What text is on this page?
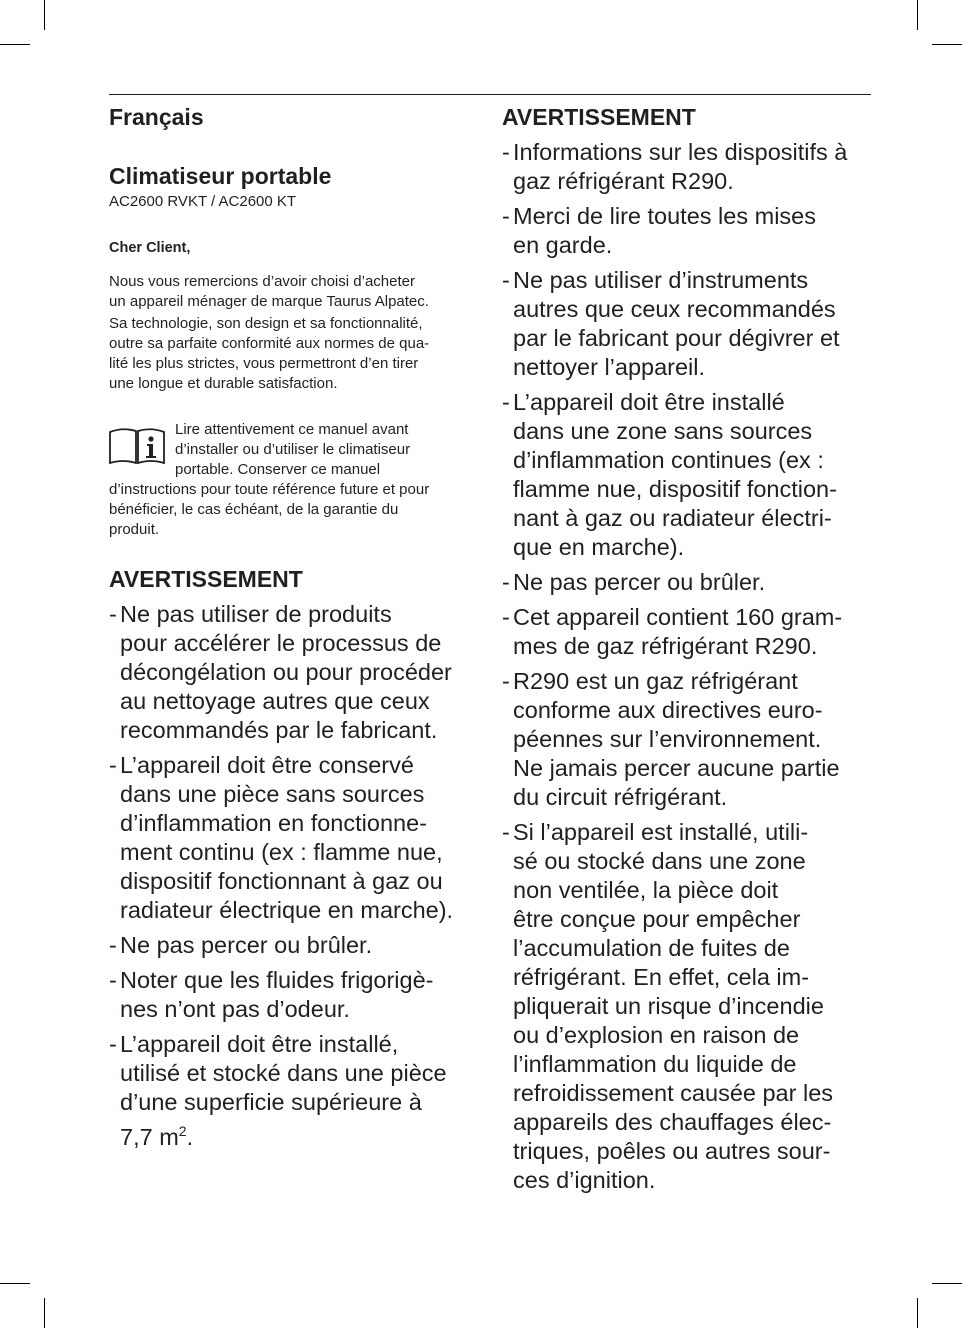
Français
Climatiseur portable
AC2600 RVKT / AC2600 KT
Cher Client,
Nous vous remercions d’avoir choisi d’acheter
un appareil ménager de marque Taurus Alpatec.
Sa technologie, son design et sa fonctionnalité,
outre sa parfaite conformité aux normes de qua-
lité les plus strictes, vous permettront d’en tirer
une longue et durable satisfaction.
Lire attentivement ce manuel avant
d’installer ou d’utiliser le climatiseur
portable. Conserver ce manuel
d’instructions pour toute référence future et pour
bénéficier, le cas échéant, de la garantie du
produit.
AVERTISSEMENT
- Ne pas utiliser de produits
pour accélérer le processus de
décongélation ou pour procéder
au nettoyage autres que ceux
recommandés par le fabricant.
- L’appareil doit être conservé
dans une pièce sans sources
d’inflammation en fonctionne-
ment continu (ex : flamme nue,
dispositif fonctionnant à gaz ou
radiateur électrique en marche).
- Ne pas percer ou brûler.
- Noter que les fluides frigorigè-
nes n’ont pas d’odeur.
- L’appareil doit être installé,
utilisé et stocké dans une pièce
d’une superficie supérieure à
7,7 $m^2$.
AVERTISSEMENT
- Informations sur les dispositifs à
gaz réfrigérant R290.
- Merci de lire toutes les mises
en garde.
- Ne pas utiliser d’instruments
autres que ceux recommandés
par le fabricant pour dégivrer et
nettoyer l’appareil.
- L’appareil doit être installé
dans une zone sans sources
d’inflammation continues (ex :
flamme nue, dispositif fonction-
nant à gaz ou radiateur électri-
que en marche).
- Ne pas percer ou brûler.
- Cet appareil contient 160 gram-
mes de gaz réfrigérant R290.
- R290 est un gaz réfrigérant
conforme aux directives euro-
péennes sur l’environnement.
Ne jamais percer aucune partie
du circuit réfrigérant.
- Si l’appareil est installé, utili-
sé ou stocké dans une zone
non ventilée, la pièce doit
être conçue pour empêcher
l’accumulation de fuites de
réfrigérant. En effet, cela im-
pliquerait un risque d’incendie
ou d’explosion en raison de
l’inflammation du liquide de
refroidissement causée par les
appareils des chauffages élec-
triques, poêles ou autres sour-
ces d’ignition.
